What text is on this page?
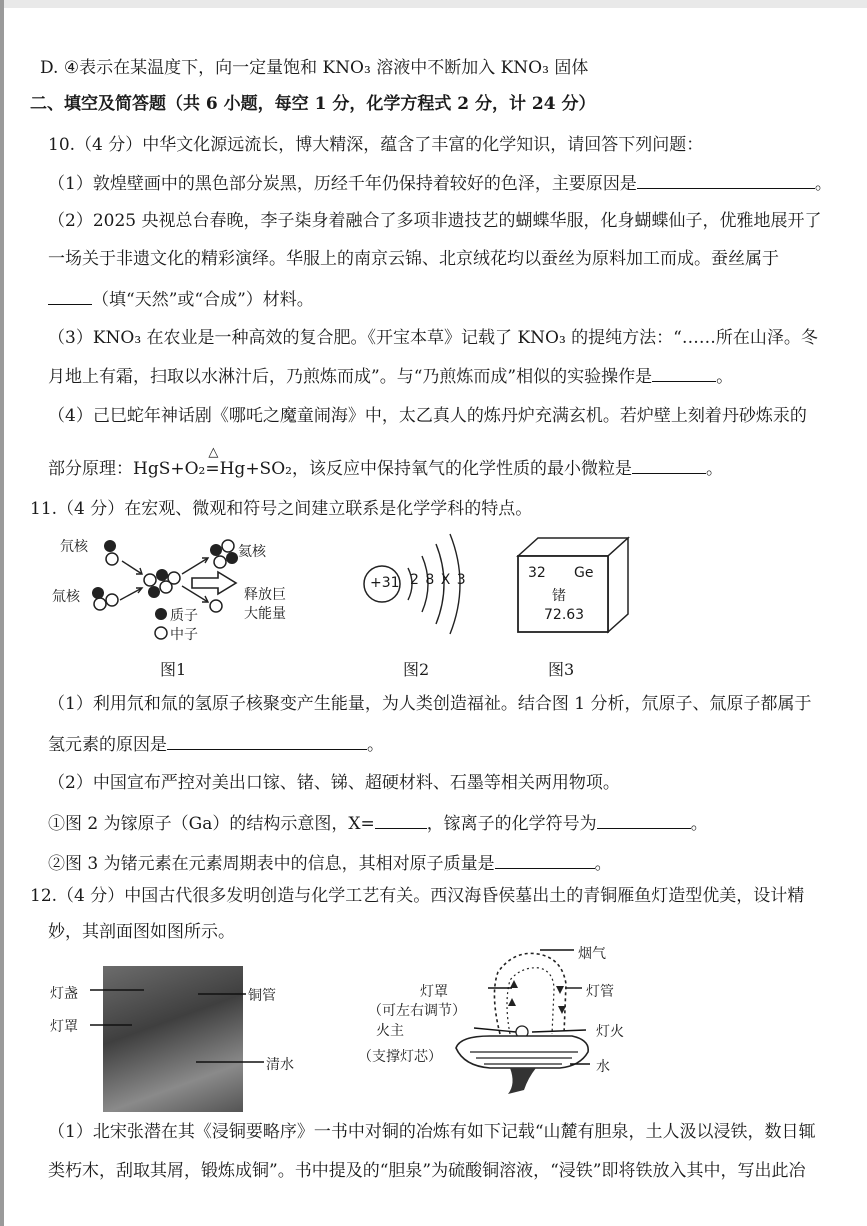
D. ④表示在某温度下，向一定量饱和 KNO₃ 溶液中不断加入 KNO₃ 固体
二、填空及简答题（共 6 小题，每空 1 分，化学方程式 2 分，计 24 分）
10.（4 分）中华文化源远流长，博大精深，蕴含了丰富的化学知识，请回答下列问题：
（1）敦煌壁画中的黑色部分炭黑，历经千年仍保持着较好的色泽，主要原因是	。
（2）2025 央视总台春晚，李子柒身着融合了多项非遗技艺的蝴蝶华服，化身蝴蝶仙子，优雅地展开了
一场关于非遗文化的精彩演绎。华服上的南京云锦、北京绒花均以蚕丝为原料加工而成。蚕丝属于
（填“天然”或“合成”）材料。
（3）KNO₃ 在农业是一种高效的复合肥。《开宝本草》记载了 KNO₃ 的提纯方法：“……所在山泽。冬
月地上有霜，扫取以水淋汁后，乃煎炼而成”。与“乃煎炼而成”相似的实验操作是	。
（4）己巳蛇年神话剧《哪吒之魔童闹海》中，太乙真人的炼丹炉充满玄机。若炉壁上刻着丹砂炼汞的
部分原理：HgS+O₂
△
=Hg+SO₂，该反应中保持氧气的化学性质的最小微粒是	。
11.（4 分）在宏观、微观和符号之间建立联系是化学学科的特点。
氘核
氚核
氦核
释放巨
大能量
质子
中子
图1
+31 2 8 X 3
图2
32 Ge
锗
72.63
图3
（1）利用氘和氚的氢原子核聚变产生能量，为人类创造福祉。结合图 1 分析，氘原子、氚原子都属于
氢元素的原因是	。
（2）中国宣布严控对美出口镓、锗、锑、超硬材料、石墨等相关两用物项。
①图 2 为镓原子（Ga）的结构示意图，X=	，镓离子的化学符号为	。
②图 3 为锗元素在元素周期表中的信息，其相对原子质量是	。
12.（4 分）中国古代很多发明创造与化学工艺有关。西汉海昏侯墓出土的青铜雁鱼灯造型优美，设计精
妙，其剖面图如图所示。
灯盏
灯罩
铜管
清水
烟气
灯罩
（可左右调节）
灯管
灯火
火主
（支撑灯芯）
水
（1）北宋张潜在其《浸铜要略序》一书中对铜的冶炼有如下记载“山麓有胆泉，土人汲以浸铁，数日辄
类朽木，刮取其屑，锻炼成铜”。书中提及的“胆泉”为硫酸铜溶液，“浸铁”即将铁放入其中，写出此冶
